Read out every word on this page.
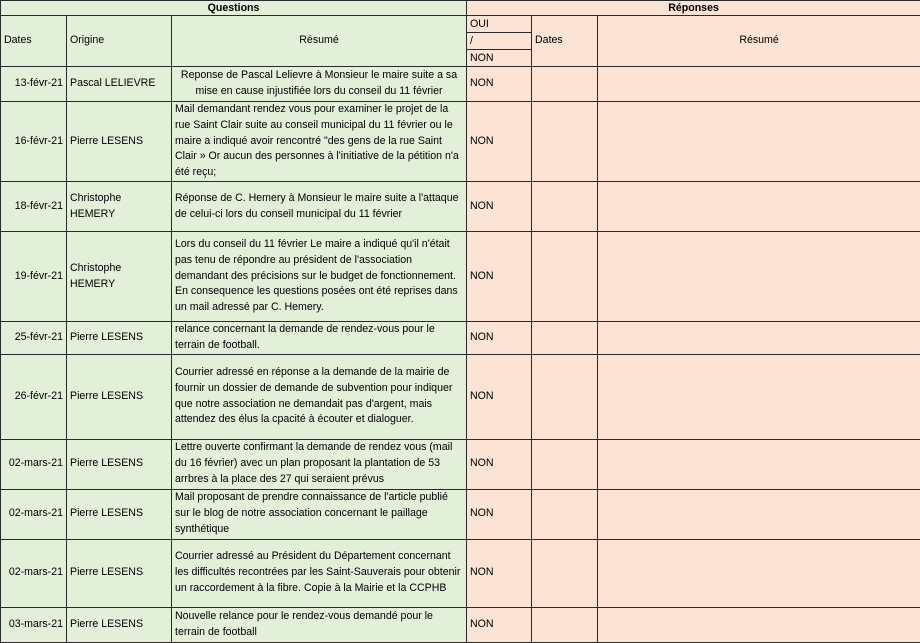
Questions			Réponses		
Dates	Origine	Résumé	OUI	Dates	Résumé
			/		
			NON		
13-févr-21	Pascal LELIEVRE	Reponse de Pascal Lelievre à Monsieur le maire suite a sa mise en cause injustifiée lors du conseil du 11 février	NON		
16-févr-21	Pierre LESENS	Mail demandant rendez vous pour examiner le projet de la rue Saint Clair suite au conseil municipal du 11 février ou le maire a indiqué avoir rencontré "des gens de la rue Saint Clair » Or aucun des personnes à l'initiative de la pétition n'a été reçu;	NON		
18-févr-21	Christophe HEMERY	Réponse de C. Hemery à Monsieur le maire suite a l'attaque de celui-ci lors du conseil municipal du 11 février	NON		
19-févr-21	Christophe HEMERY	Lors du conseil du 11 février Le maire a indiqué qu'il n'était pas tenu de répondre au président de l'association demandant des précisions sur le budget de fonctionnement. En consequence les questions posées ont été reprises dans un mail adressé par C. Hemery.	NON		
25-févr-21	Pierre LESENS	relance concernant la demande de rendez-vous pour le terrain de football.	NON		
26-févr-21	Pierre LESENS	Courrier adressé en réponse a la demande de la mairie de fournir un dossier de demande de subvention pour indiquer que notre association ne demandait pas d'argent, mais attendez des élus la cpacité à écouter et dialoguer.	NON		
02-mars-21	Pierre LESENS	Lettre ouverte confirmant la demande de rendez vous (mail du 16 février) avec un plan proposant la plantation de 53 arrbres à la place des 27 qui seraient prévus	NON		
02-mars-21	Pierre LESENS	Mail proposant de prendre connaissance de l'article publié sur le blog de notre association concernant le paillage synthétique	NON		
02-mars-21	Pierre LESENS	Courrier adressé au Président du Département concernant les difficultés recontrées par les Saint-Sauverais pour obtenir un raccordement à la fibre. Copie à la Mairie et la CCPHB	NON		
03-mars-21	Pierre LESENS	Nouvelle relance pour le rendez-vous demandé pour le terrain de football	NON		
